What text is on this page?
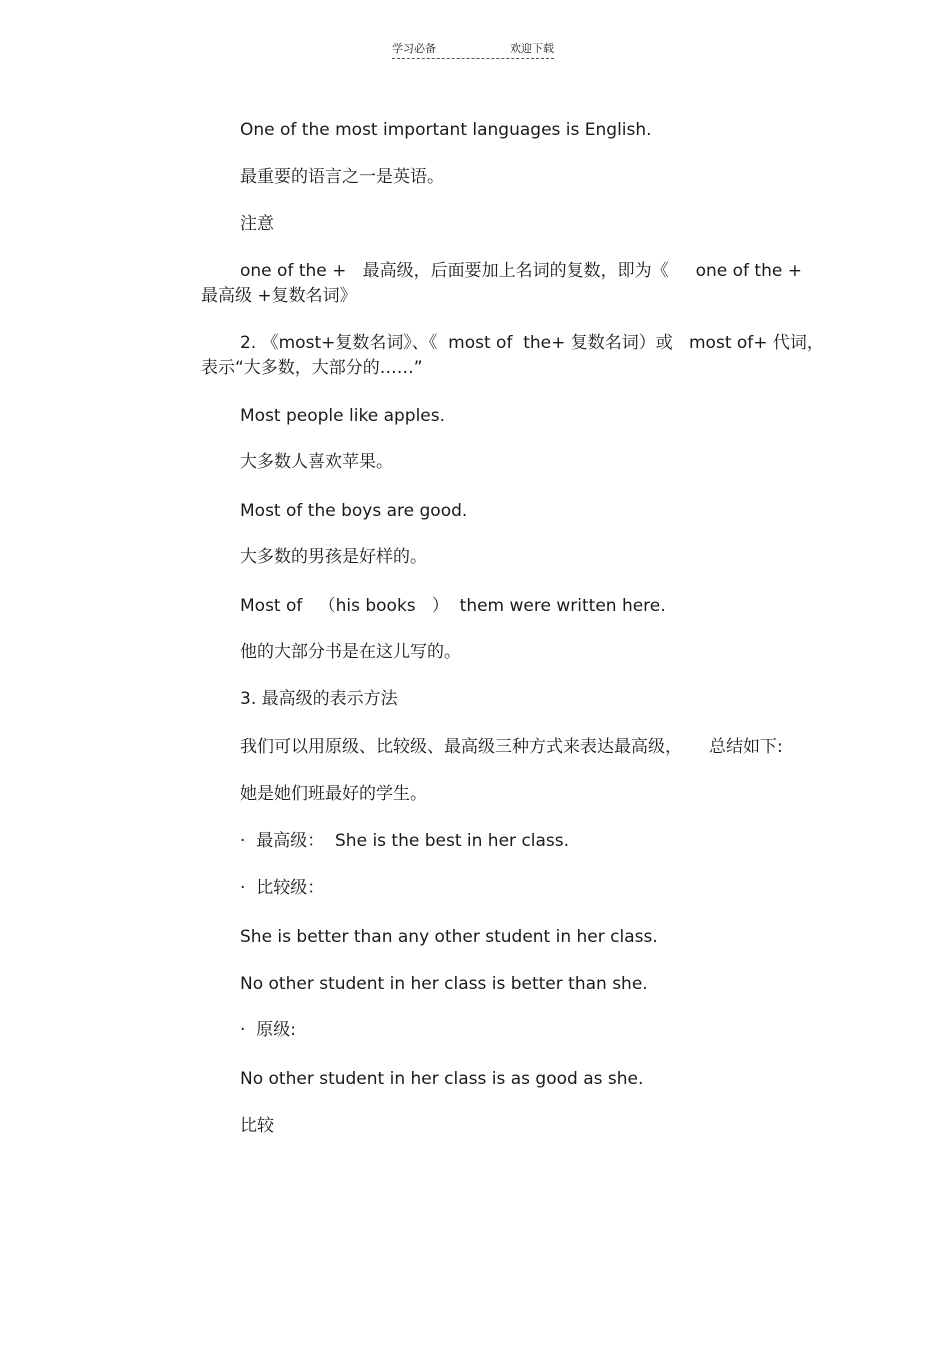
学习必备	欢迎下载
One of the most important languages is English.
最重要的语言之一是英语。
注意
one of the +   最高级，后面要加上名词的复数，即为《     one of the +
最高级 +复数名词》
2. 《most+复数名词》、《  most of  the+ 复数名词）或   most of+ 代词，
表示“大多数，大部分的……”
Most people like apples.
大多数人喜欢苹果。
Most of the boys are good.
大多数的男孩是好样的。
Most of   （his books   ）  them were written here.
他的大部分书是在这儿写的。
3. 最高级的表示方法
我们可以用原级、比较级、最高级三种方式来表达最高级，     总结如下:
她是她们班最好的学生。
·  最高级：  She is the best in her class.
·  比较级：
She is better than any other student in her class.
No other student in her class is better than she.
·  原级:
No other student in her class is as good as she.
比较
